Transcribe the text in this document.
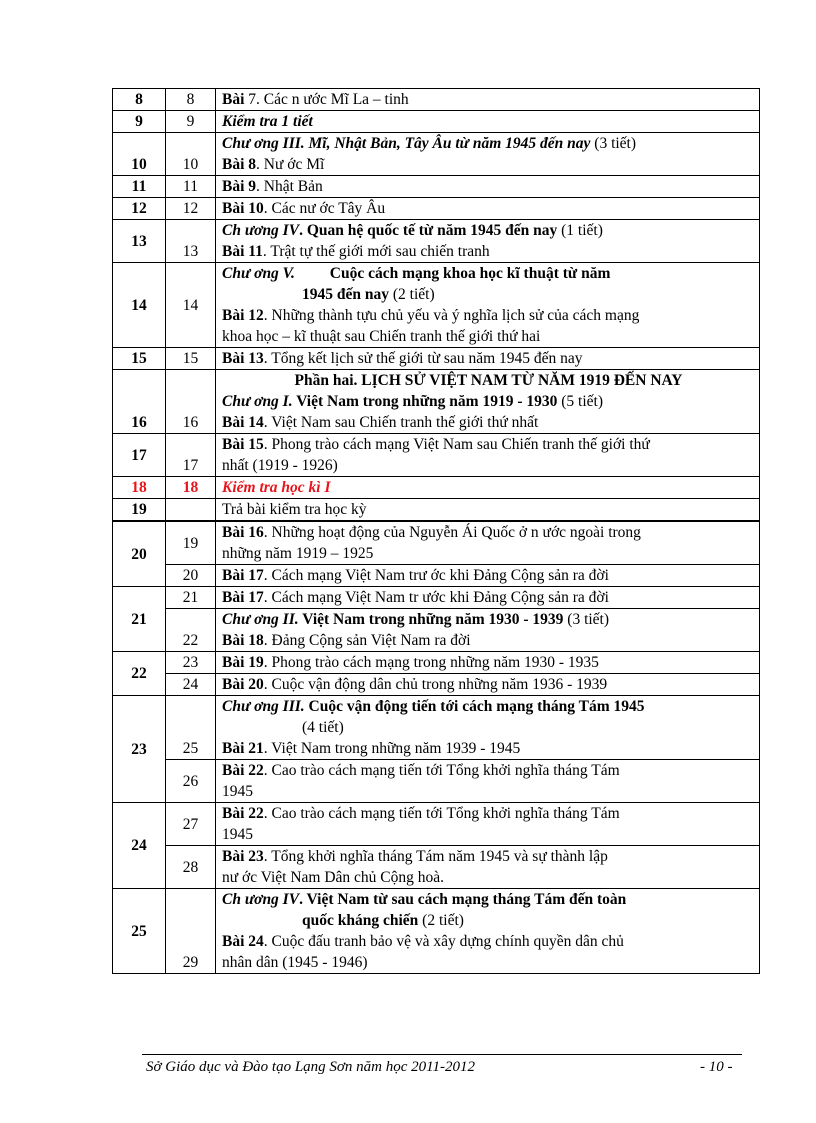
8	8	Bài 7. Các n ước Mĩ La – tinh
9	9	Kiểm tra 1 tiết
10	10	Chư ơng III. Mĩ, Nhật Bản, Tây Âu từ năm 1945 đến nay (3 tiết)
Bài 8. Nư ớc Mĩ

11	11	Bài 9. Nhật Bản
12	12	Bài 10. Các nư ớc Tây Âu
13	13	Ch ương IV. Quan hệ quốc tế từ năm 1945 đến nay (1 tiết)
Bài 11. Trật tự thế giới mới sau chiến tranh

14	14	Chư ơng V.         Cuộc cách mạng khoa học kĩ thuật từ năm
1945 đến nay (2 tiết)
Bài 12. Những thành tựu chủ yếu và ý nghĩa lịch sử của cách mạng
khoa học – kĩ thuật sau Chiến tranh thế giới thứ hai

15	15	Bài 13. Tổng kết lịch sử thế giới từ sau năm 1945 đến nay
16	16	Phần hai. LỊCH SỬ VIỆT NAM TỪ NĂM 1919 ĐẾN NAY
Chư ơng I. Việt Nam trong những năm 1919 - 1930 (5 tiết)
Bài 14. Việt Nam sau Chiến tranh thế giới thứ nhất

17	17	Bài 15. Phong trào cách mạng Việt Nam sau Chiến tranh thế giới thứ
nhất (1919 - 1926)

18	18	Kiểm tra học kì I
19		Trả bài kiểm tra học kỳ

20	19	Bài 16. Những hoạt động của Nguyễn Ái Quốc ở n ước ngoài trong
những năm 1919 – 1925

	20	Bài 17. Cách mạng Việt Nam trư ớc khi Đảng Cộng sản ra đời
21	21	Bài 17. Cách mạng Việt Nam tr ước khi Đảng Cộng sản ra đời
	22	Chư ơng II. Việt Nam trong những năm 1930 - 1939 (3 tiết)
Bài 18. Đảng Cộng sản Việt Nam ra đời

22	23	Bài 19. Phong trào cách mạng trong những năm 1930 - 1935
	24	Bài 20. Cuộc vận động dân chủ trong những năm 1936 - 1939
23	25	Chư ơng III. Cuộc vận động tiến tới cách mạng tháng Tám 1945
(4 tiết)
Bài 21. Việt Nam trong những năm 1939 - 1945

	26	Bài 22. Cao trào cách mạng tiến tới Tổng khởi nghĩa tháng Tám
1945

24	27	Bài 22. Cao trào cách mạng tiến tới Tổng khởi nghĩa tháng Tám
1945

	28	Bài 23. Tổng khởi nghĩa tháng Tám năm 1945 và sự thành lập
nư ớc Việt Nam Dân chủ Cộng hoà.

25	29	Ch ương IV. Việt Nam từ sau cách mạng tháng Tám đến toàn
quốc kháng chiến (2 tiết)
Bài 24. Cuộc đấu tranh bảo vệ và xây dựng chính quyền dân chủ
nhân dân (1945 - 1946)
Sở Giáo dục và Đào tạo Lạng Sơn năm học 2011-2012	- 10 -
